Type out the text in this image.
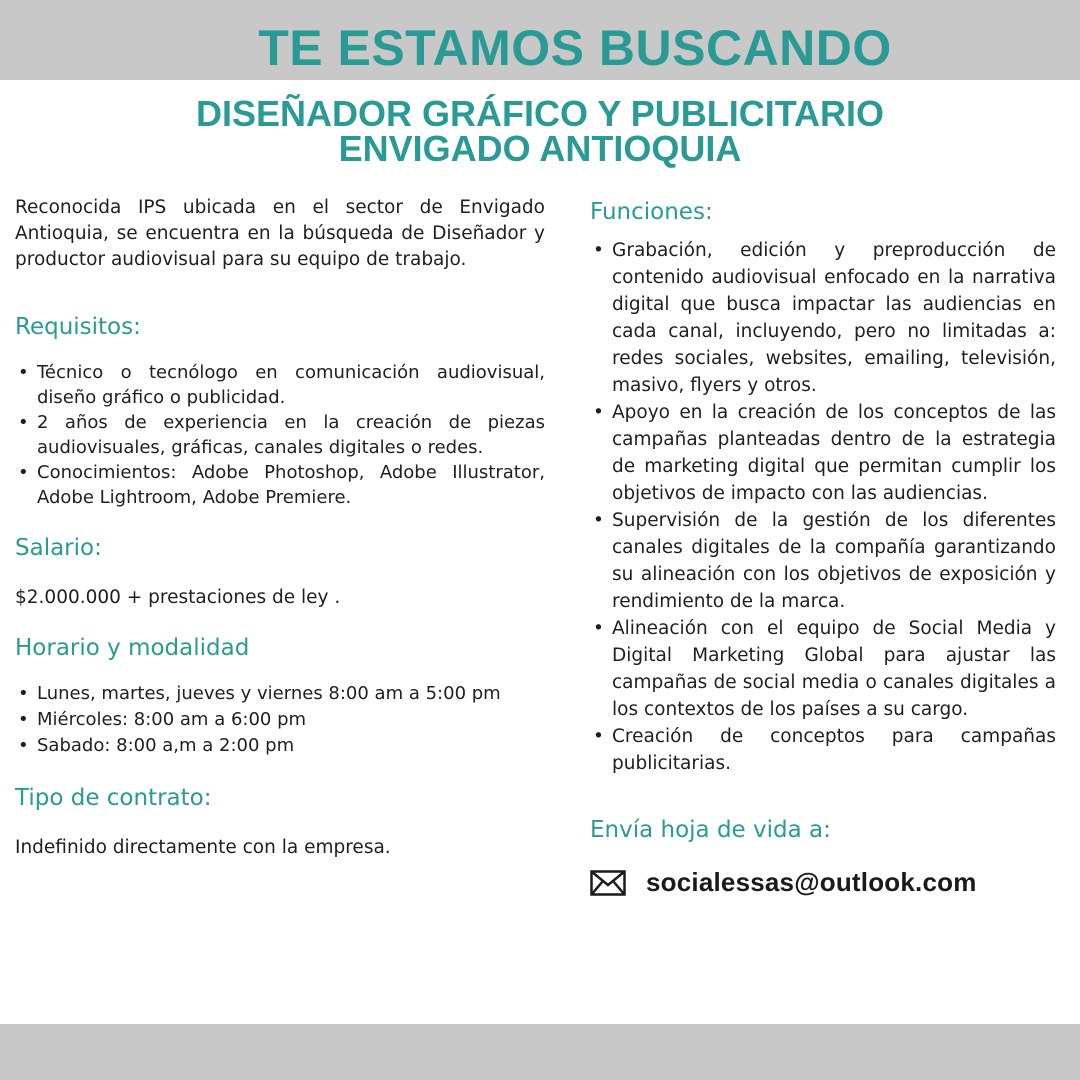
TE ESTAMOS BUSCANDO
DISEÑADOR GRÁFICO Y PUBLICITARIO
ENVIGADO ANTIOQUIA

Reconocida IPS ubicada en el sector de Envigado Antioquia, se encuentra en la búsqueda de Diseñador y productor audiovisual para su equipo de trabajo.

Requisitos:
• Técnico o tecnólogo en comunicación audiovisual, diseño gráfico o publicidad.
• 2 años de experiencia en la creación de piezas audiovisuales, gráficas, canales digitales o redes.
• Conocimientos: Adobe Photoshop, Adobe Illustrator, Adobe Lightroom, Adobe Premiere.
Salario:

$2.000.000 + prestaciones de ley .

Horario y modalidad
• Lunes, martes, jueves y viernes 8:00 am a 5:00 pm
• Miércoles: 8:00 am a 6:00 pm
• Sabado: 8:00 a,m a 2:00 pm
Tipo de contrato:

Indefinido directamente con la empresa.

Funciones:
• Grabación, edición y preproducción de contenido audiovisual enfocado en la narrativa digital que busca impactar las audiencias en cada canal, incluyendo, pero no limitadas a: redes sociales, websites, emailing, televisión, masivo, flyers y otros.
• Apoyo en la creación de los conceptos de las campañas planteadas dentro de la estrategia de marketing digital que permitan cumplir los objetivos de impacto con las audiencias.
• Supervisión de la gestión de los diferentes canales digitales de la compañía garantizando su alineación con los objetivos de exposición y rendimiento de la marca.
• Alineación con el equipo de Social Media y Digital Marketing Global para ajustar las campañas de social media o canales digitales a los contextos de los países a su cargo.
• Creación de conceptos para campañas publicitarias.
Envía hoja de vida a:
socialessas@outlook.com
